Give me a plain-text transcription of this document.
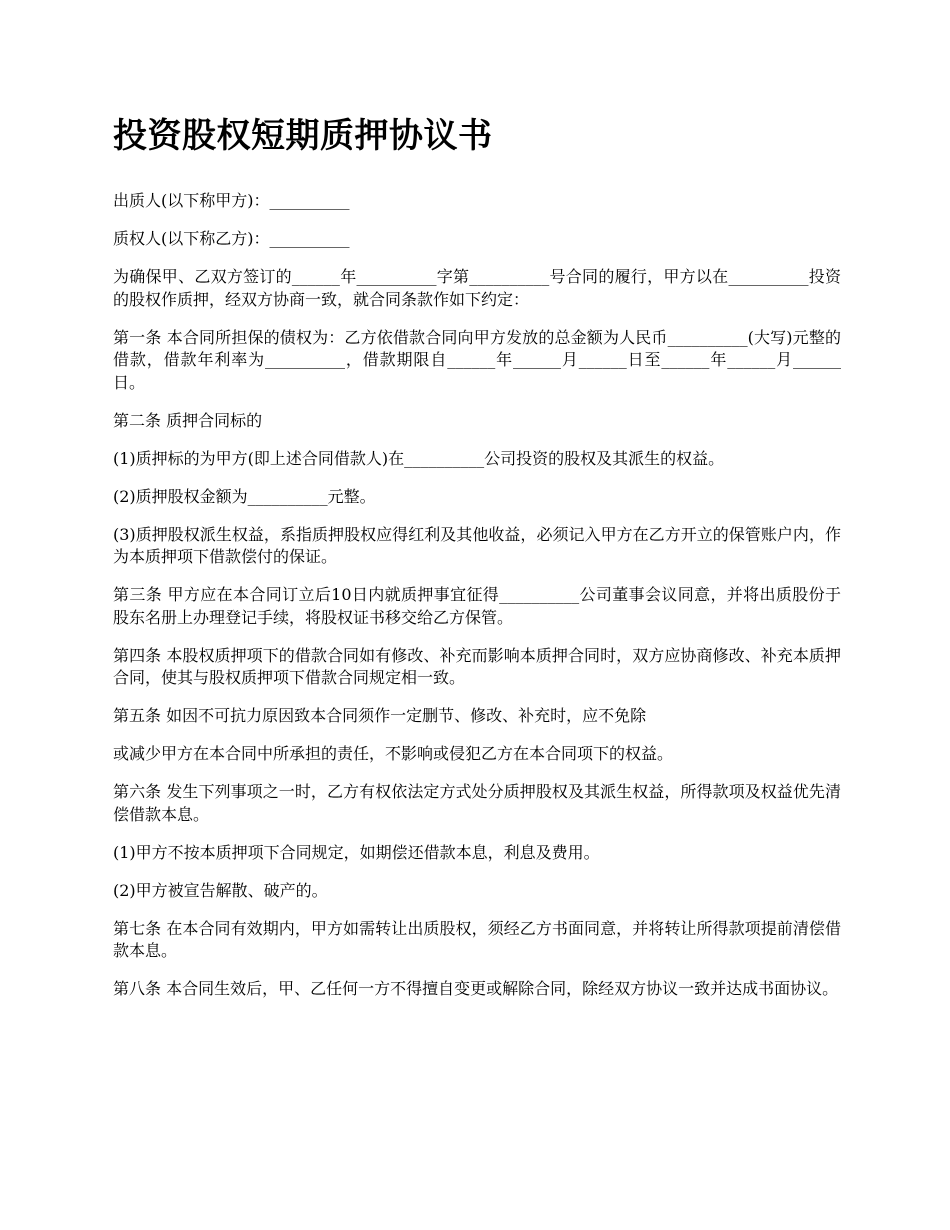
投资股权短期质押协议书

出质人(以下称甲方)：__________

质权人(以下称乙方)：__________

为确保甲、乙双方签订的______年__________字第__________号合同的履行，甲方以在__________投资的股权作质押，经双方协商一致，就合同条款作如下约定：

第一条 本合同所担保的债权为：乙方依借款合同向甲方发放的总金额为人民币__________(大写)元整的借款，借款年利率为__________，借款期限自______年______月______日至______年______月______日。

第二条 质押合同标的

(1)质押标的为甲方(即上述合同借款人)在__________公司投资的股权及其派生的权益。

(2)质押股权金额为__________元整。

(3)质押股权派生权益，系指质押股权应得红利及其他收益，必须记入甲方在乙方开立的保管账户内，作为本质押项下借款偿付的保证。

第三条 甲方应在本合同订立后10日内就质押事宜征得__________公司董事会议同意，并将出质股份于股东名册上办理登记手续，将股权证书移交给乙方保管。

第四条 本股权质押项下的借款合同如有修改、补充而影响本质押合同时，双方应协商修改、补充本质押合同，使其与股权质押项下借款合同规定相一致。

第五条 如因不可抗力原因致本合同须作一定删节、修改、补充时，应不免除

或减少甲方在本合同中所承担的责任，不影响或侵犯乙方在本合同项下的权益。

第六条 发生下列事项之一时，乙方有权依法定方式处分质押股权及其派生权益，所得款项及权益优先清偿借款本息。

(1)甲方不按本质押项下合同规定，如期偿还借款本息，利息及费用。

(2)甲方被宣告解散、破产的。

第七条 在本合同有效期内，甲方如需转让出质股权，须经乙方书面同意，并将转让所得款项提前清偿借款本息。

第八条 本合同生效后，甲、乙任何一方不得擅自变更或解除合同，除经双方协议一致并达成书面协议。
